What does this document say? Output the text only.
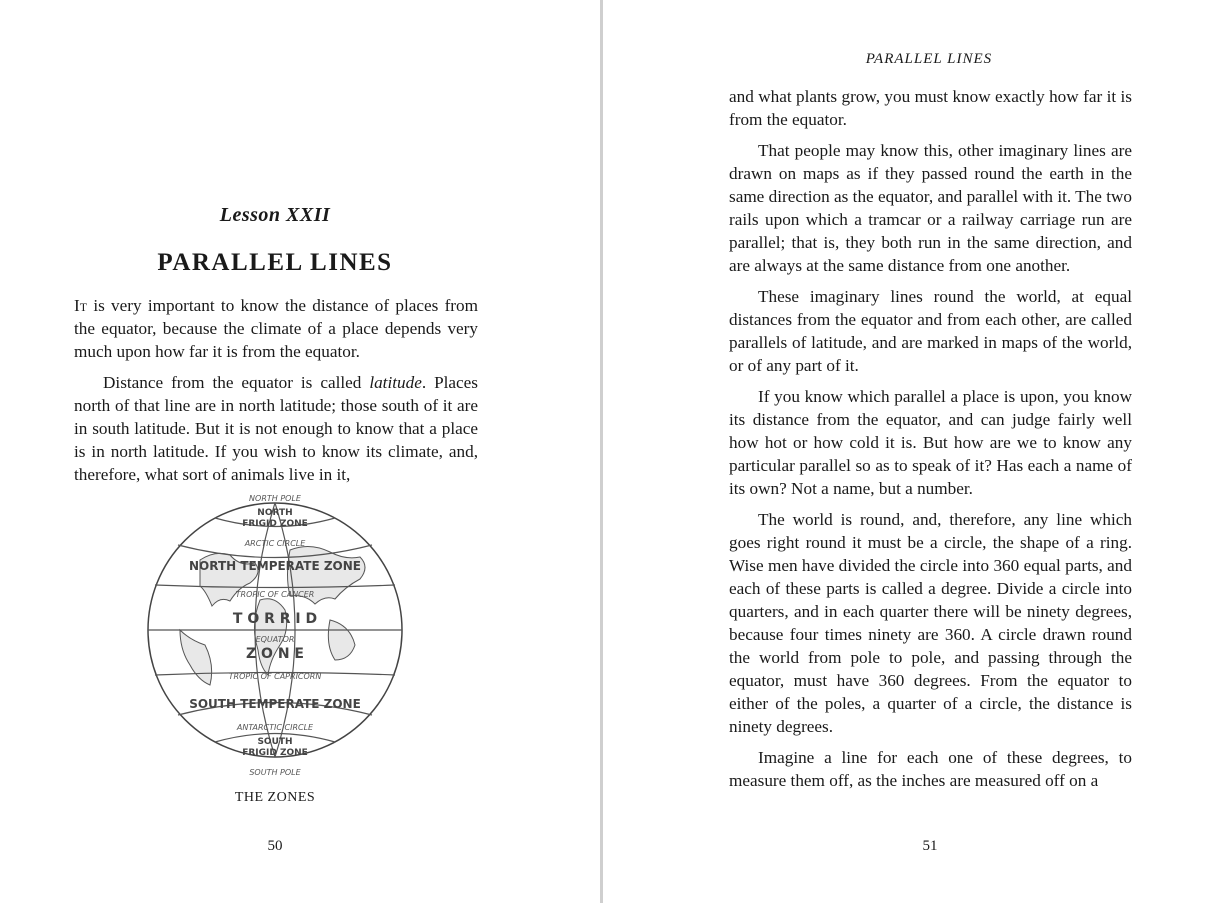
Lesson XXII
PARALLEL LINES

It is very important to know the distance of places from the equator, because the climate of a place depends very much upon how far it is from the equator.

Distance from the equator is called latitude. Places north of that line are in north latitude; those south of it are in south latitude. But it is not enough to know that a place is in north latitude. If you wish to know its climate, and, therefore, what sort of animals live in it,

NORTH POLE
NORTH
FRIGID ZONE
ARCTIC CIRCLE
NORTH TEMPERATE ZONE
TROPIC OF CANCER
T O R R I D
EQUATOR
Z O N E
TROPIC OF CAPRICORN
SOUTH TEMPERATE ZONE
ANTARCTIC CIRCLE
SOUTH
FRIGID ZONE
SOUTH POLE
THE ZONES
50
PARALLEL LINES

and what plants grow, you must know exactly how far it is from the equator.

That people may know this, other imaginary lines are drawn on maps as if they passed round the earth in the same direction as the equator, and parallel with it. The two rails upon which a tramcar or a railway carriage run are parallel; that is, they both run in the same direction, and are always at the same distance from one another.

These imaginary lines round the world, at equal distances from the equator and from each other, are called parallels of latitude, and are marked in maps of the world, or of any part of it.

If you know which parallel a place is upon, you know its distance from the equator, and can judge fairly well how hot or how cold it is. But how are we to know any particular parallel so as to speak of it? Has each a name of its own? Not a name, but a number.

The world is round, and, therefore, any line which goes right round it must be a circle, the shape of a ring. Wise men have divided the circle into 360 equal parts, and each of these parts is called a degree. Divide a circle into quarters, and in each quarter there will be ninety degrees, because four times ninety are 360. A circle drawn round the world from pole to pole, and passing through the equator, must have 360 degrees. From the equator to either of the poles, a quarter of a circle, the distance is ninety degrees.

Imagine a line for each one of these degrees, to measure them off, as the inches are measured off on a

51
